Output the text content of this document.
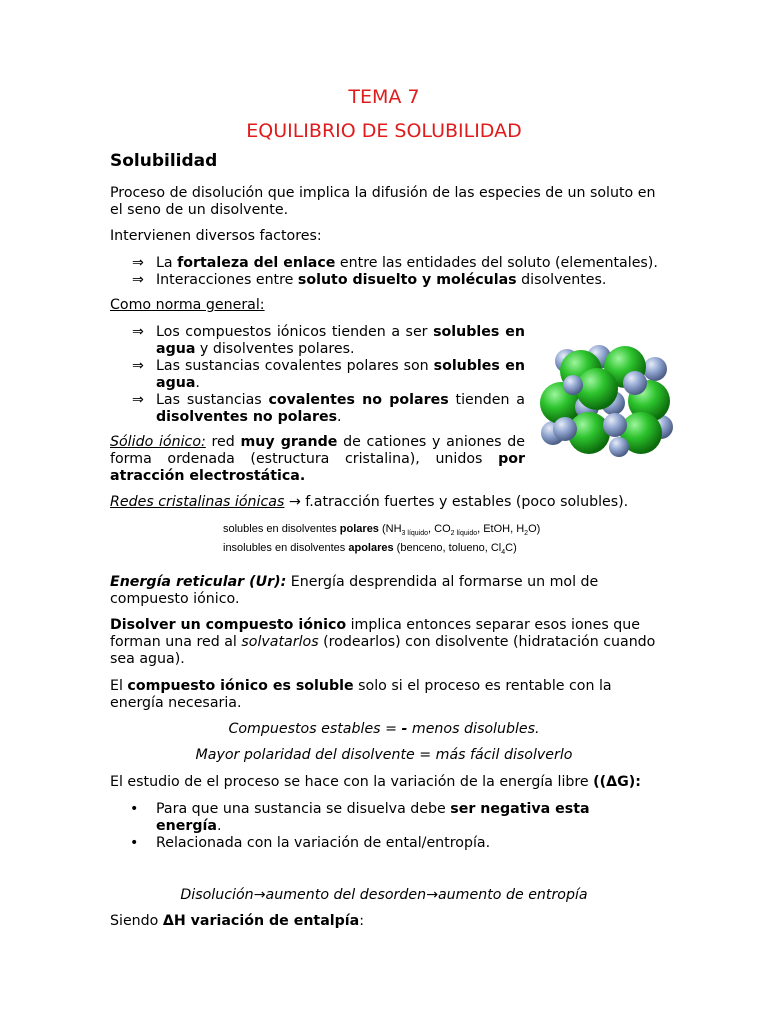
TEMA 7
EQUILIBRIO DE SOLUBILIDAD
Solubilidad
Proceso de disolución que implica la difusión de las especies de un soluto en el seno de un disolvente.
Intervienen diversos factores:
⇒ La fortaleza del enlace entre las entidades del soluto (elementales).
⇒ Interacciones entre soluto disuelto y moléculas disolventes.
Como norma general:
⇒ Los compuestos iónicos tienden a ser solubles en agua y disolventes polares.
⇒ Las sustancias covalentes polares son solubles en agua.
⇒ Las sustancias covalentes no polares tienden a disolventes no polares.
Sólido iónico: red muy grande de cationes y aniones de forma ordenada (estructura cristalina), unidos por atracción electrostática.
Redes cristalinas iónicas → f.atracción fuertes y estables (poco solubles).
Energía reticular (Ur): Energía desprendida al formarse un mol de compuesto iónico.
Disolver un compuesto iónico implica entonces separar esos iones que forman una red al solvatarlos (rodearlos) con disolvente (hidratación cuando sea agua).
El compuesto iónico es soluble solo si el proceso es rentable con la energía necesaria.
Compuestos estables = - menos disolubles.
Mayor polaridad del disolvente = más fácil disolverlo
El estudio de el proceso se hace con la variación de la energía libre ((ΔG):
• Para que una sustancia se disuelva debe ser negativa esta energía.
• Relacionada con la variación de ental/entropía.
Disolución→aumento del desorden→aumento de entropía
Siendo ΔH variación de entalpía:
solubles en disolventes polares ($NH_{3 líquido}$, $CO_{2 líquido}$, EtOH, $H_2O$)
insolubles en disolventes apolares (benceno, tolueno, $Cl_4C$)
